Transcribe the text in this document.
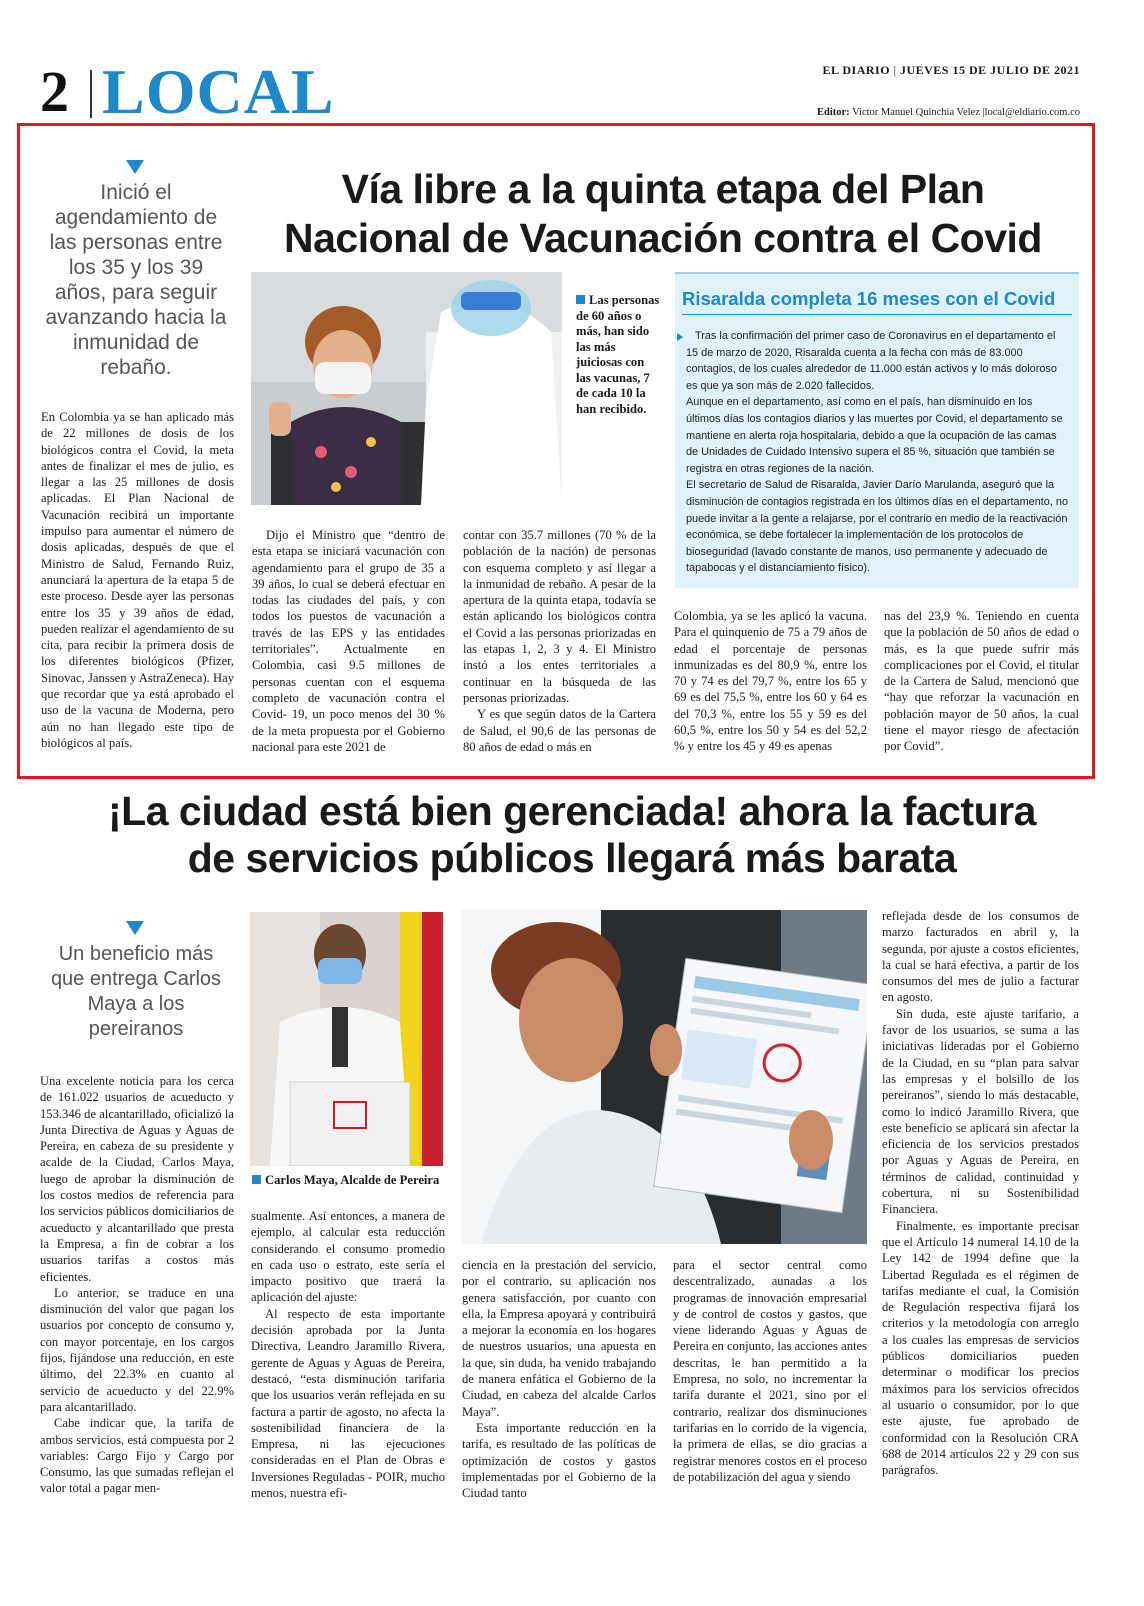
2 LOCAL	EL DIARIO | JUEVES 15 DE JULIO DE 2021
Editor: Victor Manuel Quinchia Velez |local@eldiario.com.co
Inició el agendamiento de las personas entre los 35 y los 39 años, para seguir avanzando hacia la inmunidad de rebaño.
Vía libre a la quinta etapa del Plan
Nacional de Vacunación contra el Covid
Las personas de 60 años o más, han sido las más juiciosas con las vacunas, 7 de cada 10 la han recibido.
Risaralda completa 16 meses con el Covid
Tras la confirmación del primer caso de Coronavirus en el departamento el 15 de marzo de 2020, Risaralda cuenta a la fecha con más de 83.000 contagios, de los cuales alrededor de 11.000 están activos y lo más doloroso es que ya son más de 2.020 fallecidos.
Aunque en el departamento, así como en el país, han disminuido en los últimos días los contagios diarios y las muertes por Covid, el departamento se mantiene en alerta roja hospitalaria, debido a que la ocupación de las camas de Unidades de Cuidado Intensivo supera el 85 %, situación que también se registra en otras regiones de la nación.
El secretario de Salud de Risaralda, Javier Darío Marulanda, aseguró que la disminución de contagios registrada en los últimos días en el departamento, no puede invitar a la gente a relajarse, por el contrario en medio de la reactivación económica, se debe fortalecer la implementación de los protocolos de bioseguridad (lavado constante de manos, uso permanente y adecuado de tapabocas y el distanciamiento físico).

En Colombia ya se han aplicado más de 22 millones de dosis de los biológicos contra el Covid, la meta antes de finalizar el mes de julio, es llegar a las 25 millones de dosis aplicadas. El Plan Nacional de Vacunación recibirá un importante impulso para aumentar el número de dosis aplicadas, después de que el Ministro de Salud, Fernando Ruiz, anunciará la apertura de la etapa 5 de este proceso. Desde ayer las personas entre los 35 y 39 años de edad, pueden realizar el agendamiento de su cita, para recibir la primera dosis de los diferentes biológicos (Pfizer, Sinovac, Janssen y AstraZeneca). Hay que recordar que ya está aprobado el uso de la vacuna de Moderna, pero aún no han llegado este tipo de biológicos al país.

Dijo el Ministro que “dentro de esta etapa se iniciará vacunación con agendamiento para el grupo de 35 a 39 años, lo cual se deberá efectuar en todas las ciudades del país, y con todos los puestos de vacunación a través de las EPS y las entidades territoriales”. Actualmente en Colombia, casi 9.5 millones de personas cuentan con el esquema completo de vacunación contra el Covid- 19, un poco menos del 30 % de la meta propuesta por el Gobierno nacional para este 2021 de

contar con 35.7 millones (70 % de la población de la nación) de personas con esquema completo y así llegar a la inmunidad de rebaño. A pesar de la apertura de la quinta etapa, todavía se están aplicando los biológicos contra el Covid a las personas priorizadas en las etapas 1, 2, 3 y 4. El Ministro instó a los entes territoriales a continuar en la búsqueda de las personas priorizadas.

Y es que según datos de la Cartera de Salud, el 90,6 de las personas de 80 años de edad o más en

Colombia, ya se les aplicó la vacuna. Para el quinquenio de 75 a 79 años de edad el porcentaje de personas inmunizadas es del 80,9 %, entre los 70 y 74 es del 79,7 %, entre los 65 y 69 es del 75,5 %, entre los 60 y 64 es del 70,3 %, entre los 55 y 59 es del 60,5 %, entre los 50 y 54 es del 52,2 % y entre los 45 y 49 es apenas

nas del 23,9 %. Teniendo en cuenta que la población de 50 años de edad o más, es la que puede sufrir más complicaciones por el Covid, el titular de la Cartera de Salud, mencionó que “hay que reforzar la vacunación en población mayor de 50 años, la cual tiene el mayor riesgo de afectación por Covid”.

¡La ciudad está bien gerenciada! ahora la factura
de servicios públicos llegará más barata
Un beneficio más que entrega Carlos Maya a los pereiranos
Carlos Maya, Alcalde de Pereira

Una excelente noticia para los cerca de 161.022 usuarios de acueducto y 153.346 de alcantarillado, oficializó la Junta Directiva de Aguas y Aguas de Pereira, en cabeza de su presidente y acalde de la Ciudad, Carlos Maya, luego de aprobar la disminución de los costos medios de referencia para los servicios públicos domiciliarios de acueducto y alcantarillado que presta la Empresa, a fin de cobrar a los usuarios tarifas a costos más eficientes.

Lo anterior, se traduce en una disminución del valor que pagan los usuarios por concepto de consumo y, con mayor porcentaje, en los cargos fijos, fijándose una reducción, en este último, del 22.3% en cuanto al servicio de acueducto y del 22.9% para alcantarillado.

Cabe indicar que, la tarifa de ambos servicios, está compuesta por 2 variables: Cargo Fijo y Cargo por Consumo, las que sumadas reflejan el valor total a pagar men-

sualmente. Así entonces, a manera de ejemplo, al calcular esta reducción considerando el consumo promedio en cada uso o estrato, este sería el impacto positivo que traerá la aplicación del ajuste:

Al respecto de esta importante decisión aprobada por la Junta Directiva, Leandro Jaramillo Rivera, gerente de Aguas y Aguas de Pereira, destacó, “esta disminución tarifaria que los usuarios verán reflejada en su factura a partir de agosto, no afecta la sostenibilidad financiera de la Empresa, ni las ejecuciones consideradas en el Plan de Obras e Inversiones Reguladas - POIR, mucho menos, nuestra efi-

ciencia en la prestación del servicio, por el contrario, su aplicación nos genera satisfacción, por cuanto con ella, la Empresa apoyará y contribuirá a mejorar la economía en los hogares de nuestros usuarios, una apuesta en la que, sin duda, ha venido trabajando de manera enfática el Gobierno de la Ciudad, en cabeza del alcalde Carlos Maya”.

Esta importante reducción en la tarifa, es resultado de las políticas de optimización de costos y gastos implementadas por el Gobierno de la Ciudad tanto

para el sector central como descentralizado, aunadas a los programas de innovación empresarial y de control de costos y gastos, que viene liderando Aguas y Aguas de Pereira en conjunto, las acciones antes descritas, le han permitido a la Empresa, no solo, no incrementar la tarifa durante el 2021, sino por el contrario, realizar dos disminuciones tarifarias en lo corrido de la vigencia, la primera de ellas, se dio gracias a registrar menores costos en el proceso de potabilización del agua y siendo

reflejada desde de los consumos de marzo facturados en abril y, la segunda, por ajuste a costos eficientes, la cual se hará efectiva, a partir de los consumos del mes de julio a facturar en agosto.

Sin duda, este ajuste tarifario, a favor de los usuarios, se suma a las iniciativas lideradas por el Gobierno de la Ciudad, en su “plan para salvar las empresas y el bolsillo de los pereiranos”, siendo lo más destacable, como lo indicó Jaramillo Rivera, que este beneficio se aplicará sin afectar la eficiencia de los servicios prestados por Aguas y Aguas de Pereira, en términos de calidad, continuidad y cobertura, ni su Sostenibilidad Financiera.

Finalmente, es importante precisar que el Artículo 14 numeral 14.10 de la Ley 142 de 1994 define que la Libertad Regulada es el régimen de tarifas mediante el cual, la Comisión de Regulación respectiva fijará los criterios y la metodología con arreglo a los cuales las empresas de servicios públicos domiciliarios pueden determinar o modificar los precios máximos para los servicios ofrecidos al usuario o consumidor, por lo que este ajuste, fue aprobado de conformidad con la Resolución CRA 688 de 2014 artículos 22 y 29 con sus parágrafos.
